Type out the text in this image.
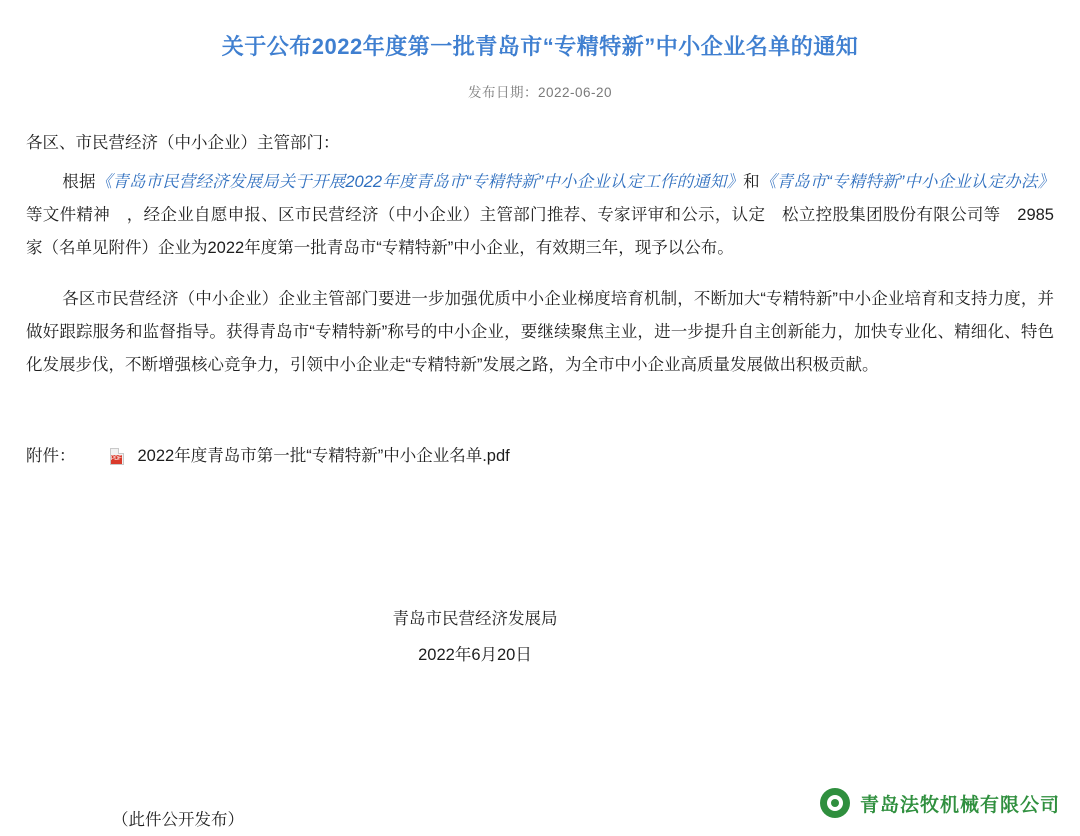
关于公布2022年度第一批青岛市“专精特新”中小企业名单的通知
发布日期：2022-06-20

各区、市民营经济（中小企业）主管部门：

根据《青岛市民营经济发展局关于开展2022年度青岛市“专精特新”中小企业认定工作的通知》和《青岛市“专精特新”中小企业认定办法》等文件精神　，经企业自愿申报、区市民营经济（中小企业）主管部门推荐、专家评审和公示，认定　松立控股集团股份有限公司等　2985　家（名单见附件）企业为2022年度第一批青岛市“专精特新”中小企业，有效期三年，现予以公布。

各区市民营经济（中小企业）企业主管部门要进一步加强优质中小企业梯度培育机制，不断加大“专精特新”中小企业培育和支持力度，并做好跟踪服务和监督指导。获得青岛市“专精特新”称号的中小企业，要继续聚焦主业，进一步提升自主创新能力，加快专业化、精细化、特色化发展步伐，不断增强核心竞争力，引领中小企业走“专精特新”发展之路，为全市中小企业高质量发展做出积极贡献。

附件：	PDF 2022年度青岛市第一批“专精特新”中小企业名单.pdf
青岛市民营经济发展局
2022年6月20日
（此件公开发布）
青岛法牧机械有限公司
